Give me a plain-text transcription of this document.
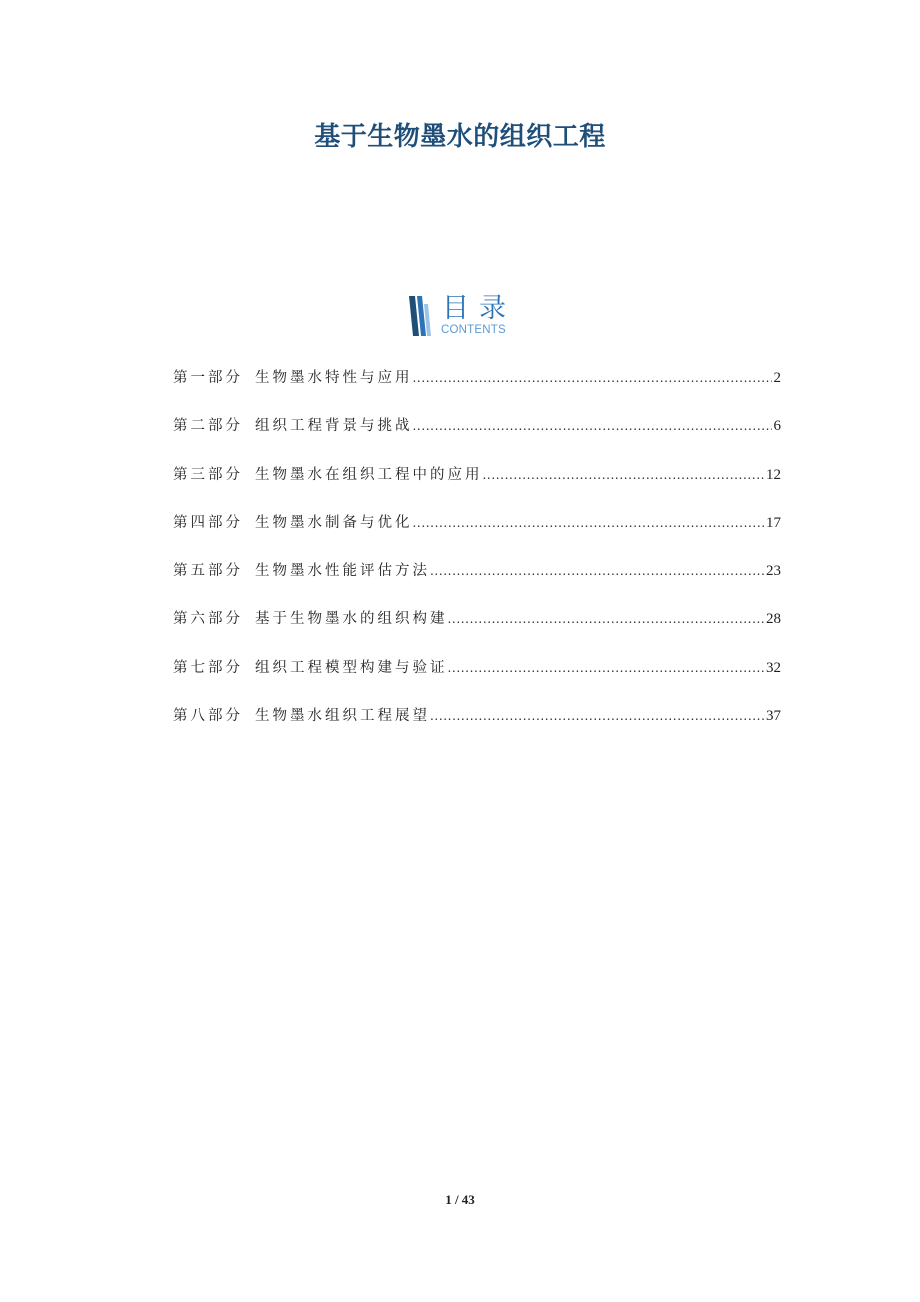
基于生物墨水的组织工程
目录
CONTENTS
第一部分 生物墨水特性与应用 .....	2
第二部分 组织工程背景与挑战 .....	6
第三部分 生物墨水在组织工程中的应用 .....	12
第四部分 生物墨水制备与优化 .....	17
第五部分 生物墨水性能评估方法 .....	23
第六部分 基于生物墨水的组织构建 .....	28
第七部分 组织工程模型构建与验证 .....	32
第八部分 生物墨水组织工程展望 .....	37
1 / 43
